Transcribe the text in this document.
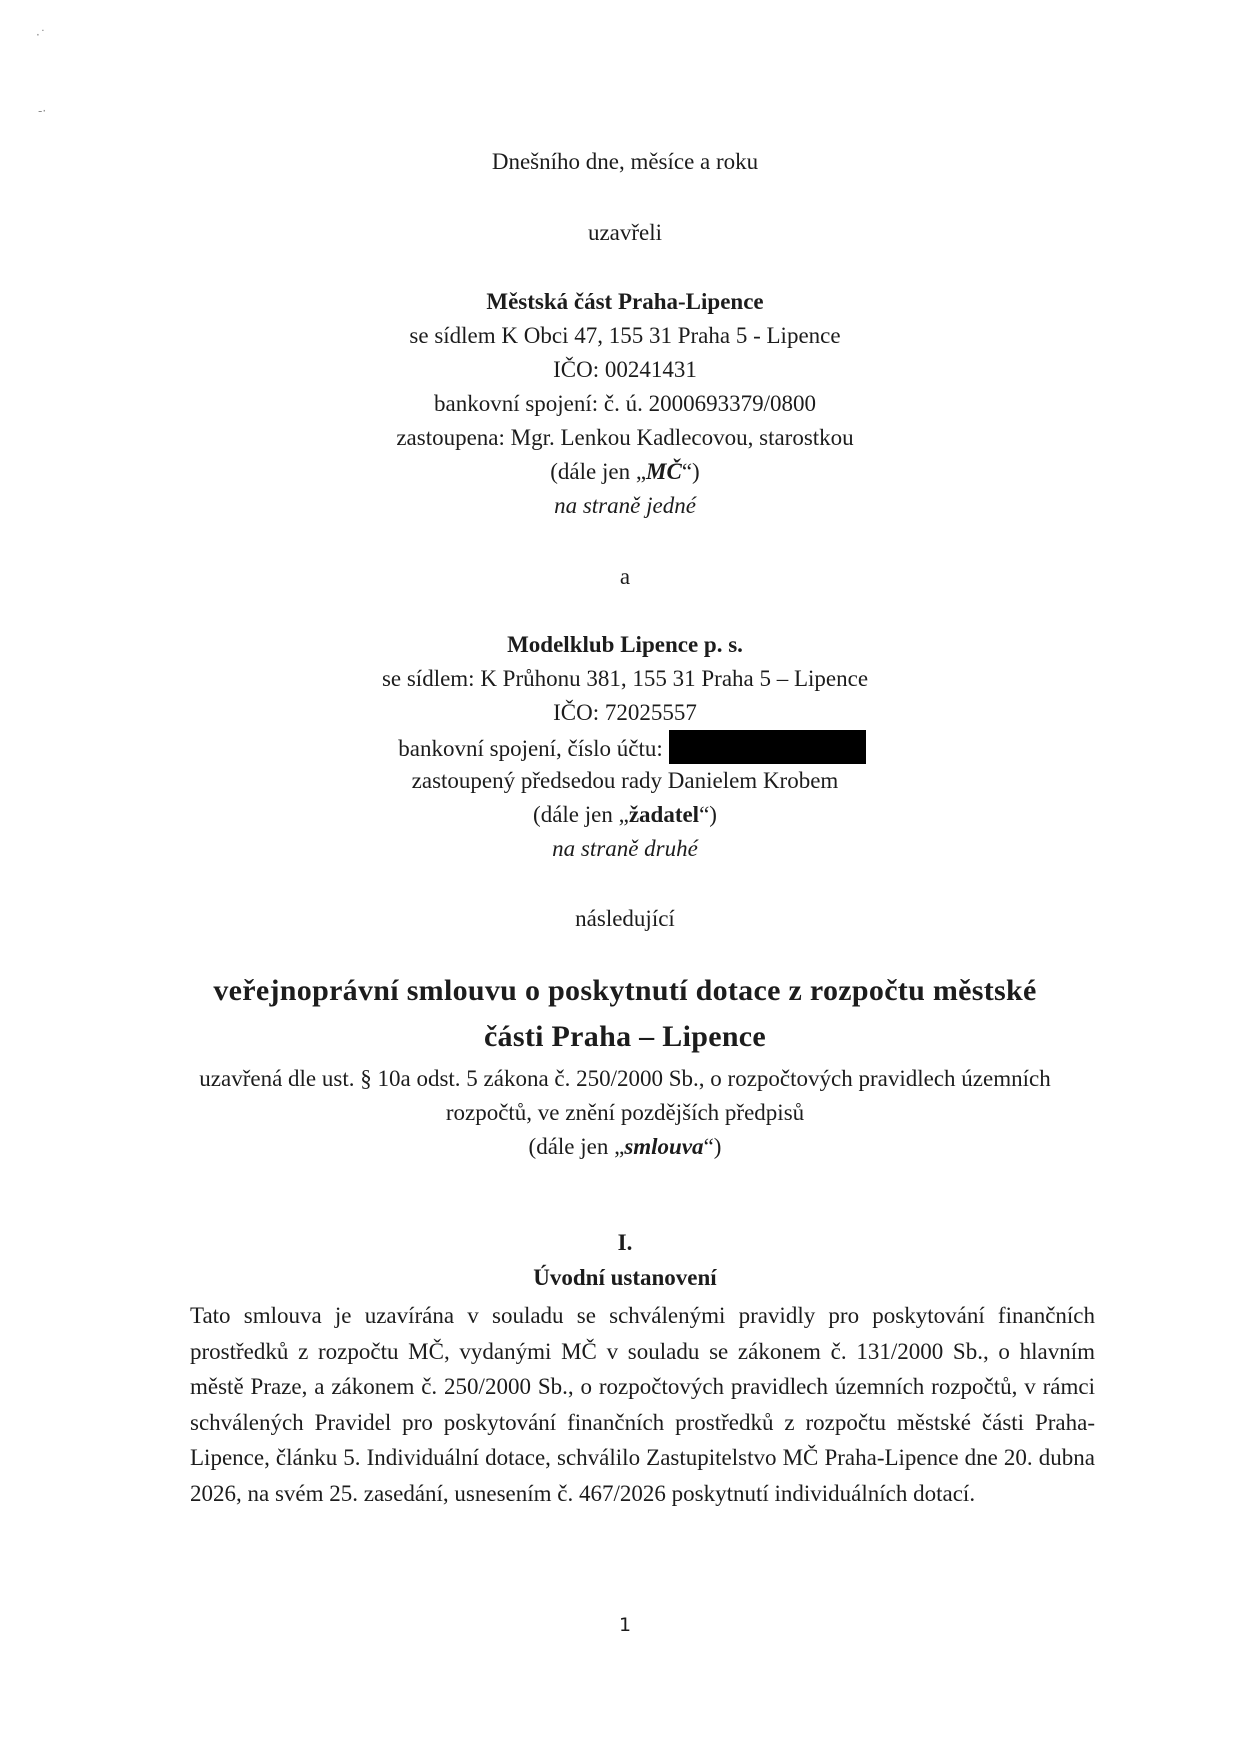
·˙
-·
Dnešního dne, měsíce a roku
uzavřeli
Městská část Praha-Lipence
se sídlem K Obci 47, 155 31 Praha 5 - Lipence
IČO: 00241431
bankovní spojení: č. ú. 2000693379/0800
zastoupena: Mgr. Lenkou Kadlecovou, starostkou
(dále jen „MČ“)
na straně jedné
a
Modelklub Lipence p. s.
se sídlem: K Průhonu 381, 155 31 Praha 5 – Lipence
IČO: 72025557
bankovní spojení, číslo účtu:
zastoupený předsedou rady Danielem Krobem
(dále jen „žadatel“)
na straně druhé
následující
veřejnoprávní smlouvu o poskytnutí dotace z rozpočtu městské
části Praha – Lipence
uzavřená dle ust. § 10a odst. 5 zákona č. 250/2000 Sb., o rozpočtových pravidlech územních
rozpočtů, ve znění pozdějších předpisů
(dále jen „smlouva“)
I.
Úvodní ustanovení
Tato smlouva je uzavírána v souladu se schválenými pravidly pro poskytování finančních prostředků z rozpočtu MČ, vydanými MČ v souladu se zákonem č. 131/2000 Sb., o hlavním městě Praze, a zákonem č. 250/2000 Sb., o rozpočtových pravidlech územních rozpočtů, v rámci schválených Pravidel pro poskytování finančních prostředků z rozpočtu městské části Praha-Lipence, článku 5. Individuální dotace, schválilo Zastupitelstvo MČ Praha-Lipence dne 20. dubna 2026, na svém 25. zasedání, usnesením č. 467/2026 poskytnutí individuálních dotací.
1
